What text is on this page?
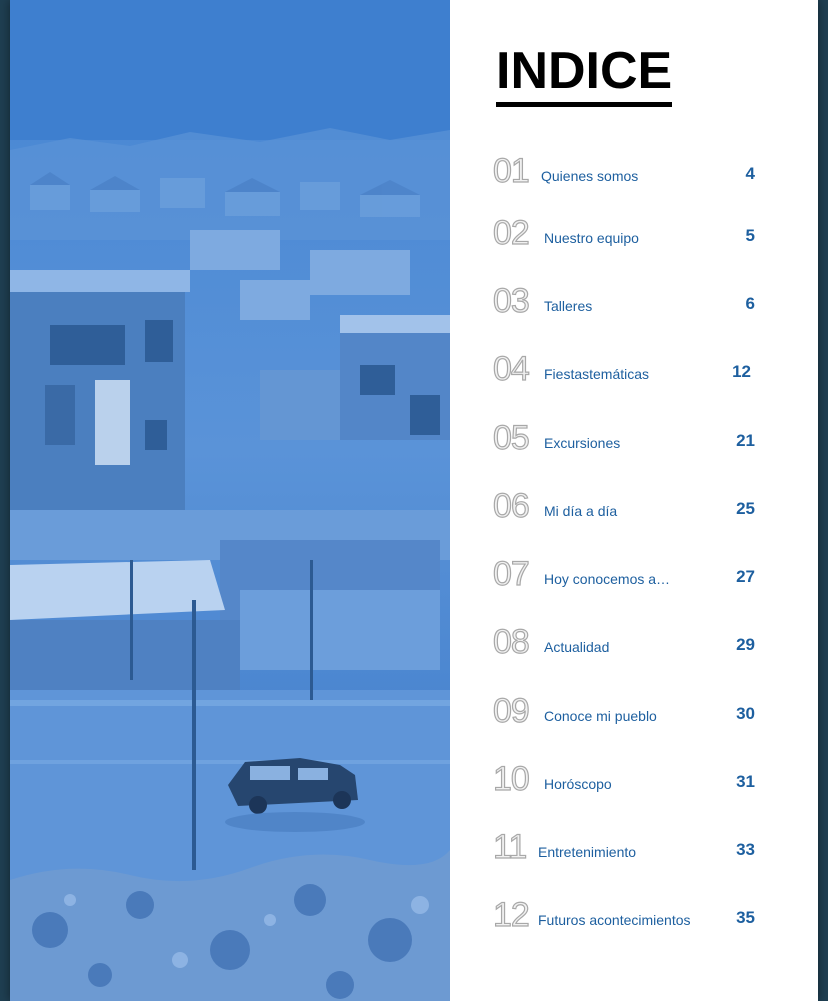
INDICE
01 Quienes somos	4
02 Nuestro equipo	5
03 Talleres	6
04 Fiestastemáticas	12
05 Excursiones	21
06 Mi día a día	25
07 Hoy conocemos a…	27
08 Actualidad	29
09 Conoce mi pueblo	30
10 Horóscopo	31
11 Entretenimiento	33
12 Futuros acontecimientos	35
